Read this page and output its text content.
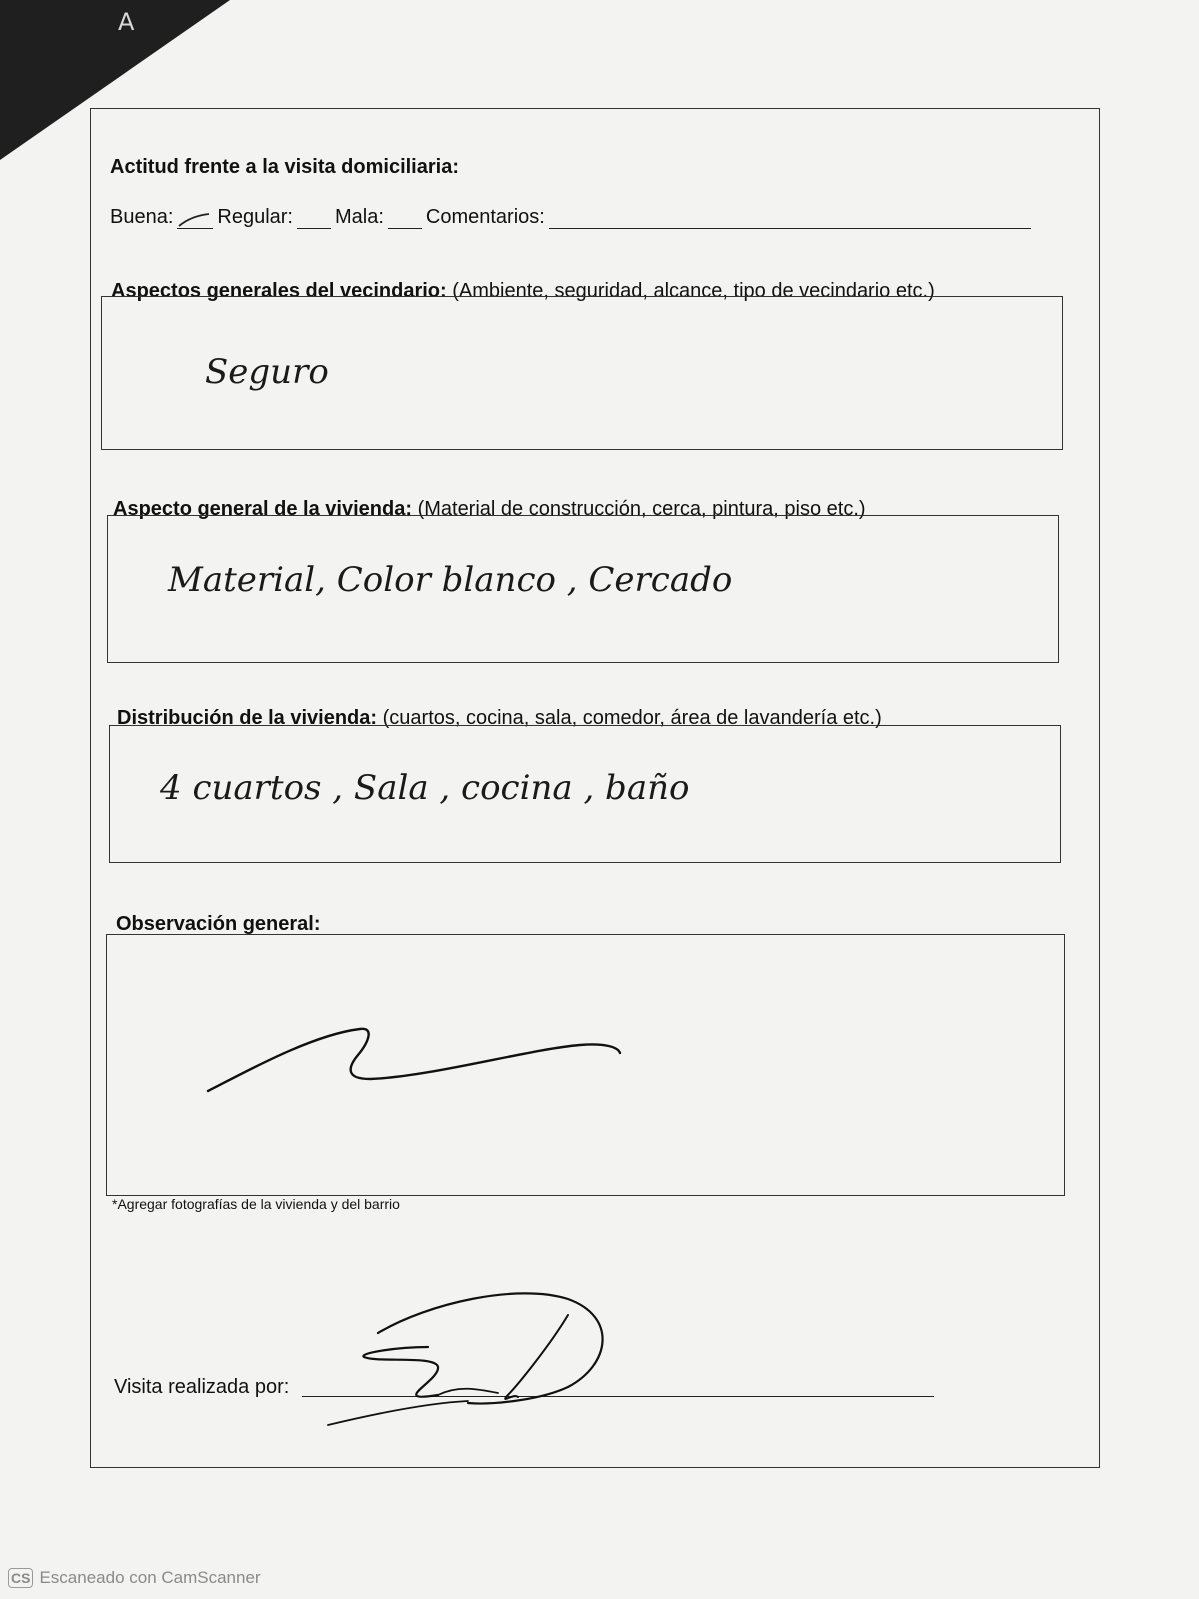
A
Actitud frente a la visita domiciliaria:
Buena: Regular: Mala: Comentarios:
Aspectos generales del vecindario: (Ambiente, seguridad, alcance, tipo de vecindario etc.)
Seguro
Aspecto general de la vivienda: (Material de construcción, cerca, pintura, piso etc.)
Material, Color blanco , Cercado
Distribución de la vivienda: (cuartos, cocina, sala, comedor, área de lavandería etc.)
4 cuartos , Sala , cocina , baño
Observación general:
*Agregar fotografías de la vivienda y del barrio
Visita realizada por:
CS Escaneado con CamScanner
